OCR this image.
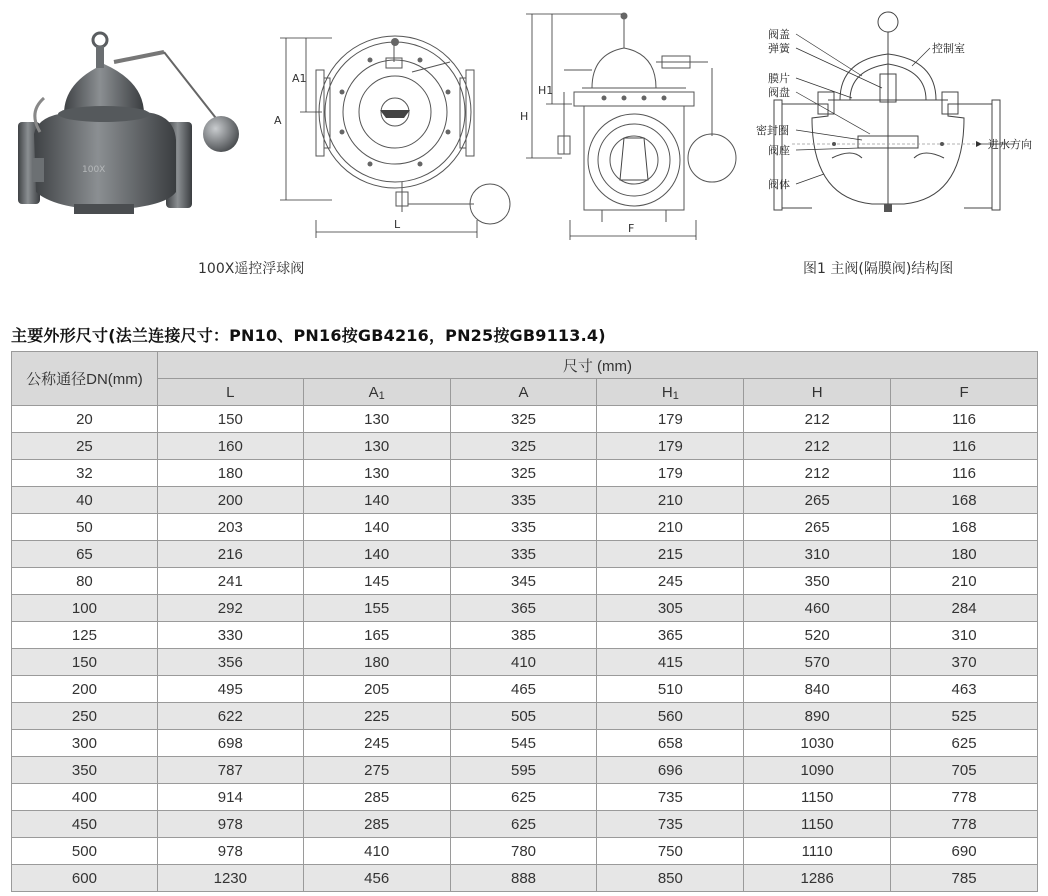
100X
100X遥控浮球阀
A
A1
L
H
H1
F
阀盖
弹簧	控制室
膜片
阀盘
密封圈
阀座	进水方向
阀体
图1 主阀(隔膜阀)结构图
主要外形尺寸(法兰连接尺寸：PN10、PN16按GB4216，PN25按GB9113.4)
公称通径DN(mm)	尺寸 (mm)					
	L	A1	A	H1	H	F
20	150	130	325	179	212	116
25	160	130	325	179	212	116
32	180	130	325	179	212	116
40	200	140	335	210	265	168
50	203	140	335	210	265	168
65	216	140	335	215	310	180
80	241	145	345	245	350	210
100	292	155	365	305	460	284
125	330	165	385	365	520	310
150	356	180	410	415	570	370
200	495	205	465	510	840	463
250	622	225	505	560	890	525
300	698	245	545	658	1030	625
350	787	275	595	696	1090	705
400	914	285	625	735	1150	778
450	978	285	625	735	1150	778
500	978	410	780	750	1110	690
600	1230	456	888	850	1286	785
